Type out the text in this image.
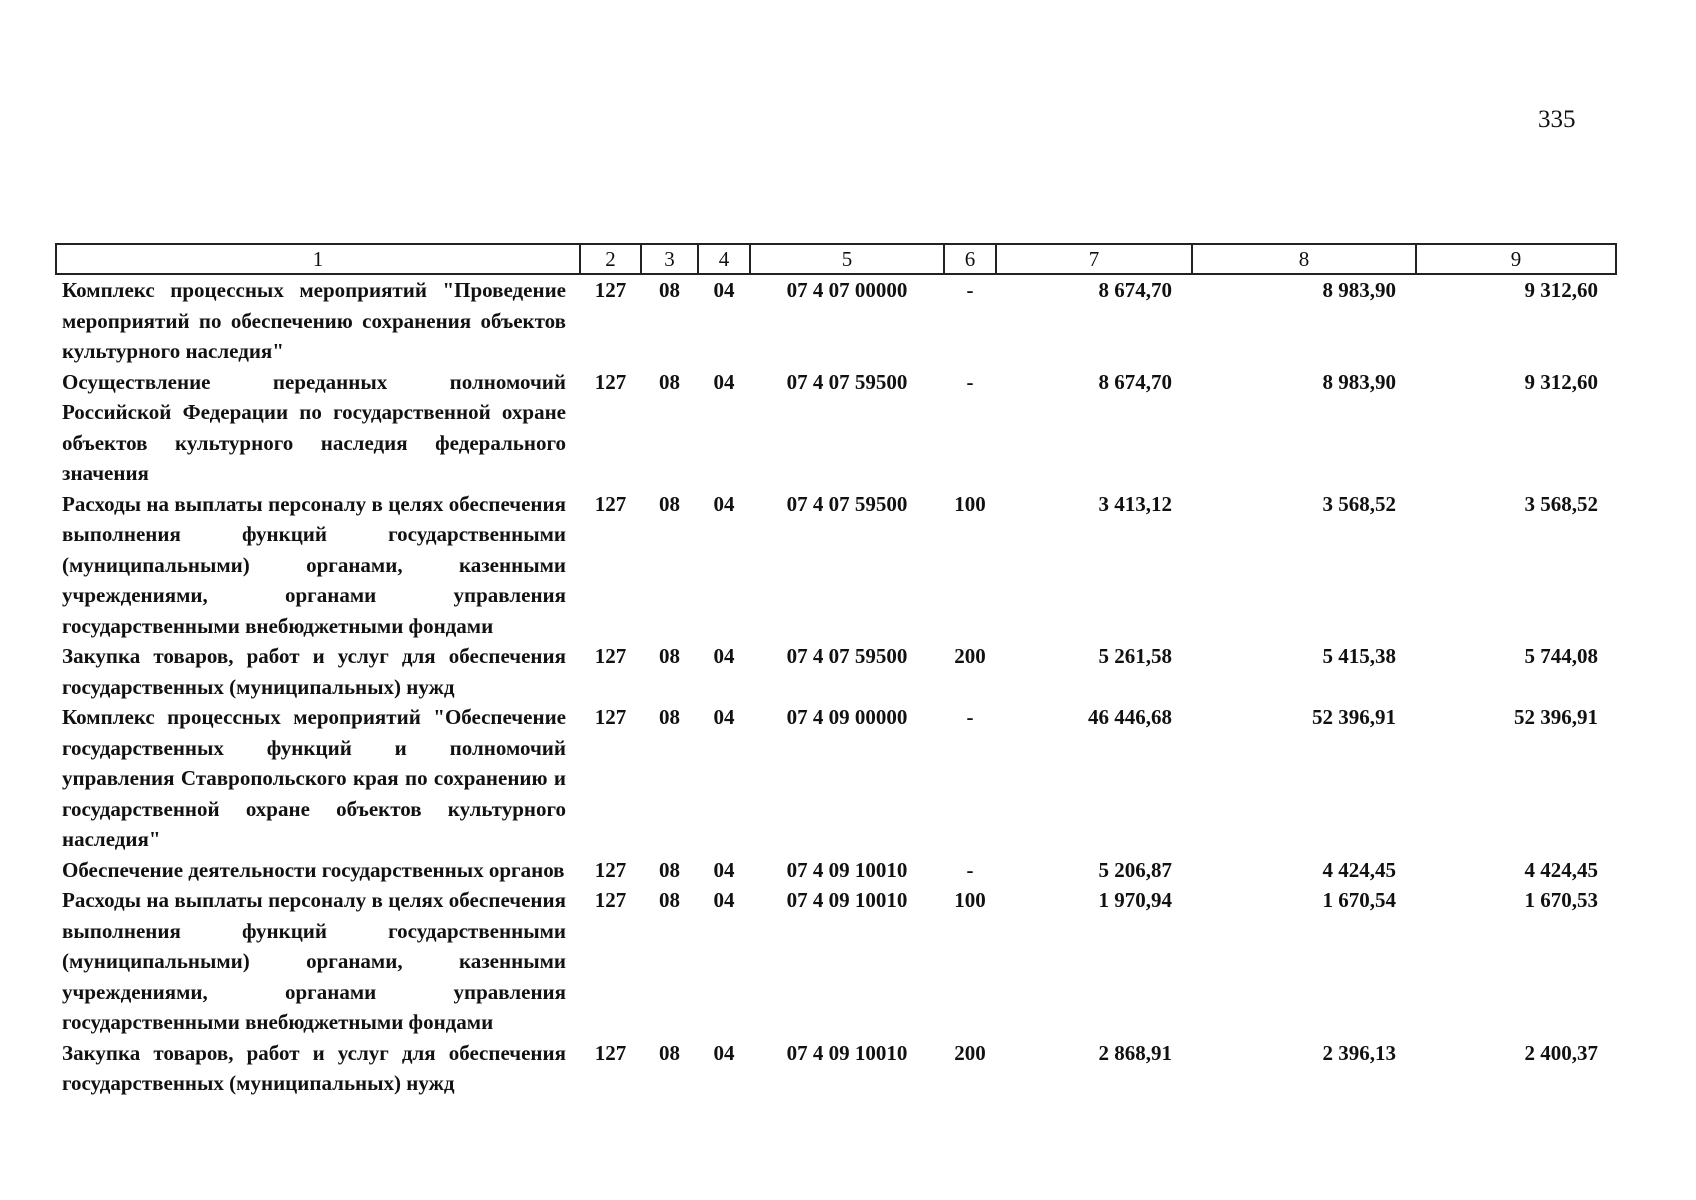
335
1	2	3	4	5	6	7	8	9
Комплекс процессных мероприятий "Проведение мероприятий по обеспечению сохранения объектов культурного наследия"	127	08	04	07 4 07 00000	-	8 674,70	8 983,90	9 312,60
Осуществление переданных полномочий Российской Федерации по государственной охране объектов культурного наследия федерального значения	127	08	04	07 4 07 59500	-	8 674,70	8 983,90	9 312,60
Расходы на выплаты персоналу в целях обеспечения выполнения функций государственными (муниципальными) органами, казенными учреждениями, органами управления государственными внебюджетными фондами	127	08	04	07 4 07 59500	100	3 413,12	3 568,52	3 568,52
Закупка товаров, работ и услуг для обеспечения государственных (муниципальных) нужд	127	08	04	07 4 07 59500	200	5 261,58	5 415,38	5 744,08
Комплекс процессных мероприятий "Обеспечение государственных функций и полномочий управления Ставропольского края по сохранению и государственной охране объектов культурного наследия"	127	08	04	07 4 09 00000	-	46 446,68	52 396,91	52 396,91
Обеспечение деятельности государственных органов	127	08	04	07 4 09 10010	-	5 206,87	4 424,45	4 424,45
Расходы на выплаты персоналу в целях обеспечения выполнения функций государственными (муниципальными) органами, казенными учреждениями, органами управления государственными внебюджетными фондами	127	08	04	07 4 09 10010	100	1 970,94	1 670,54	1 670,53
Закупка товаров, работ и услуг для обеспечения государственных (муниципальных) нужд	127	08	04	07 4 09 10010	200	2 868,91	2 396,13	2 400,37
